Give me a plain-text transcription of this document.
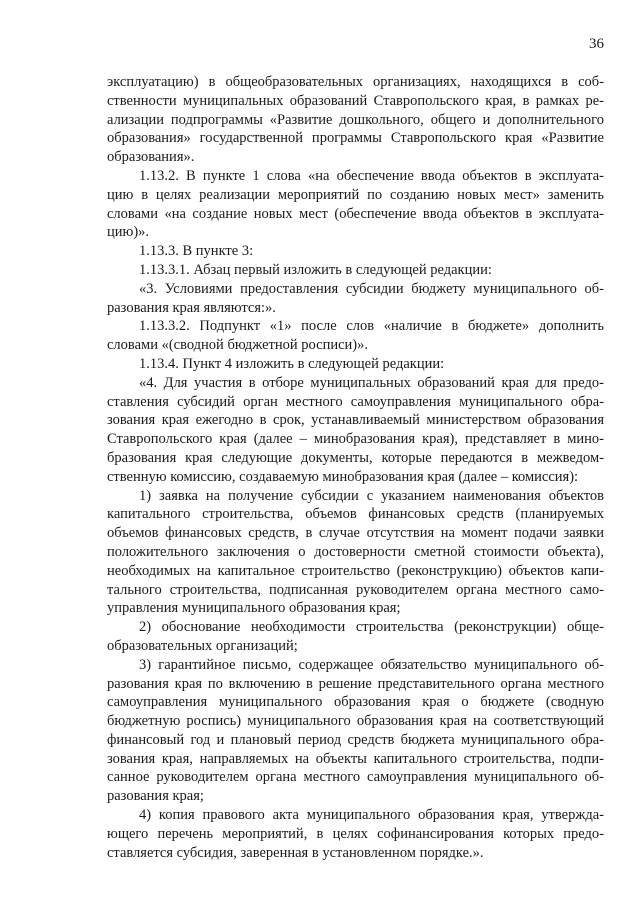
36

эксплуатацию) в общеобразовательных организациях, находящихся в соб-
ственности муниципальных образований Ставропольского края, в рамках ре-
ализации подпрограммы «Развитие дошкольного, общего и дополнительного
образования» государственной программы Ставропольского края «Развитие
образования».

1.13.2. В пункте 1 слова «на обеспечение ввода объектов в эксплуата-
цию в целях реализации мероприятий по созданию новых мест» заменить
словами «на создание новых мест (обеспечение ввода объектов в эксплуата-
цию)».

1.13.3. В пункте 3:

1.13.3.1. Абзац первый изложить в следующей редакции:

«3. Условиями предоставления субсидии бюджету муниципального об-
разования края являются:».

1.13.3.2. Подпункт «1» после слов «наличие в бюджете» дополнить
словами «(сводной бюджетной росписи)».

1.13.4. Пункт 4 изложить в следующей редакции:

«4. Для участия в отборе муниципальных образований края для предо-
ставления субсидий орган местного самоуправления муниципального обра-
зования края ежегодно в срок, устанавливаемый министерством образования
Ставропольского края (далее – минобразования края), представляет в мино-
бразования края следующие документы, которые передаются в межведом-
ственную комиссию, создаваемую минобразования края (далее – комиссия):

1) заявка на получение субсидии с указанием наименования объектов
капитального строительства, объемов финансовых средств (планируемых
объемов финансовых средств, в случае отсутствия на момент подачи заявки
положительного заключения о достоверности сметной стоимости объекта),
необходимых на капитальное строительство (реконструкцию) объектов капи-
тального строительства, подписанная руководителем органа местного само-
управления муниципального образования края;

2) обоснование необходимости строительства (реконструкции) обще-
образовательных организаций;

3) гарантийное письмо, содержащее обязательство муниципального об-
разования края по включению в решение представительного органа местного
самоуправления муниципального образования края о бюджете (сводную
бюджетную роспись) муниципального образования края на соответствующий
финансовый год и плановый период средств бюджета муниципального обра-
зования края, направляемых на объекты капитального строительства, подпи-
санное руководителем органа местного самоуправления муниципального об-
разования края;

4) копия правового акта муниципального образования края, утвержда-
ющего перечень мероприятий, в целях софинансирования которых предо-
ставляется субсидия, заверенная в установленном порядке.».
